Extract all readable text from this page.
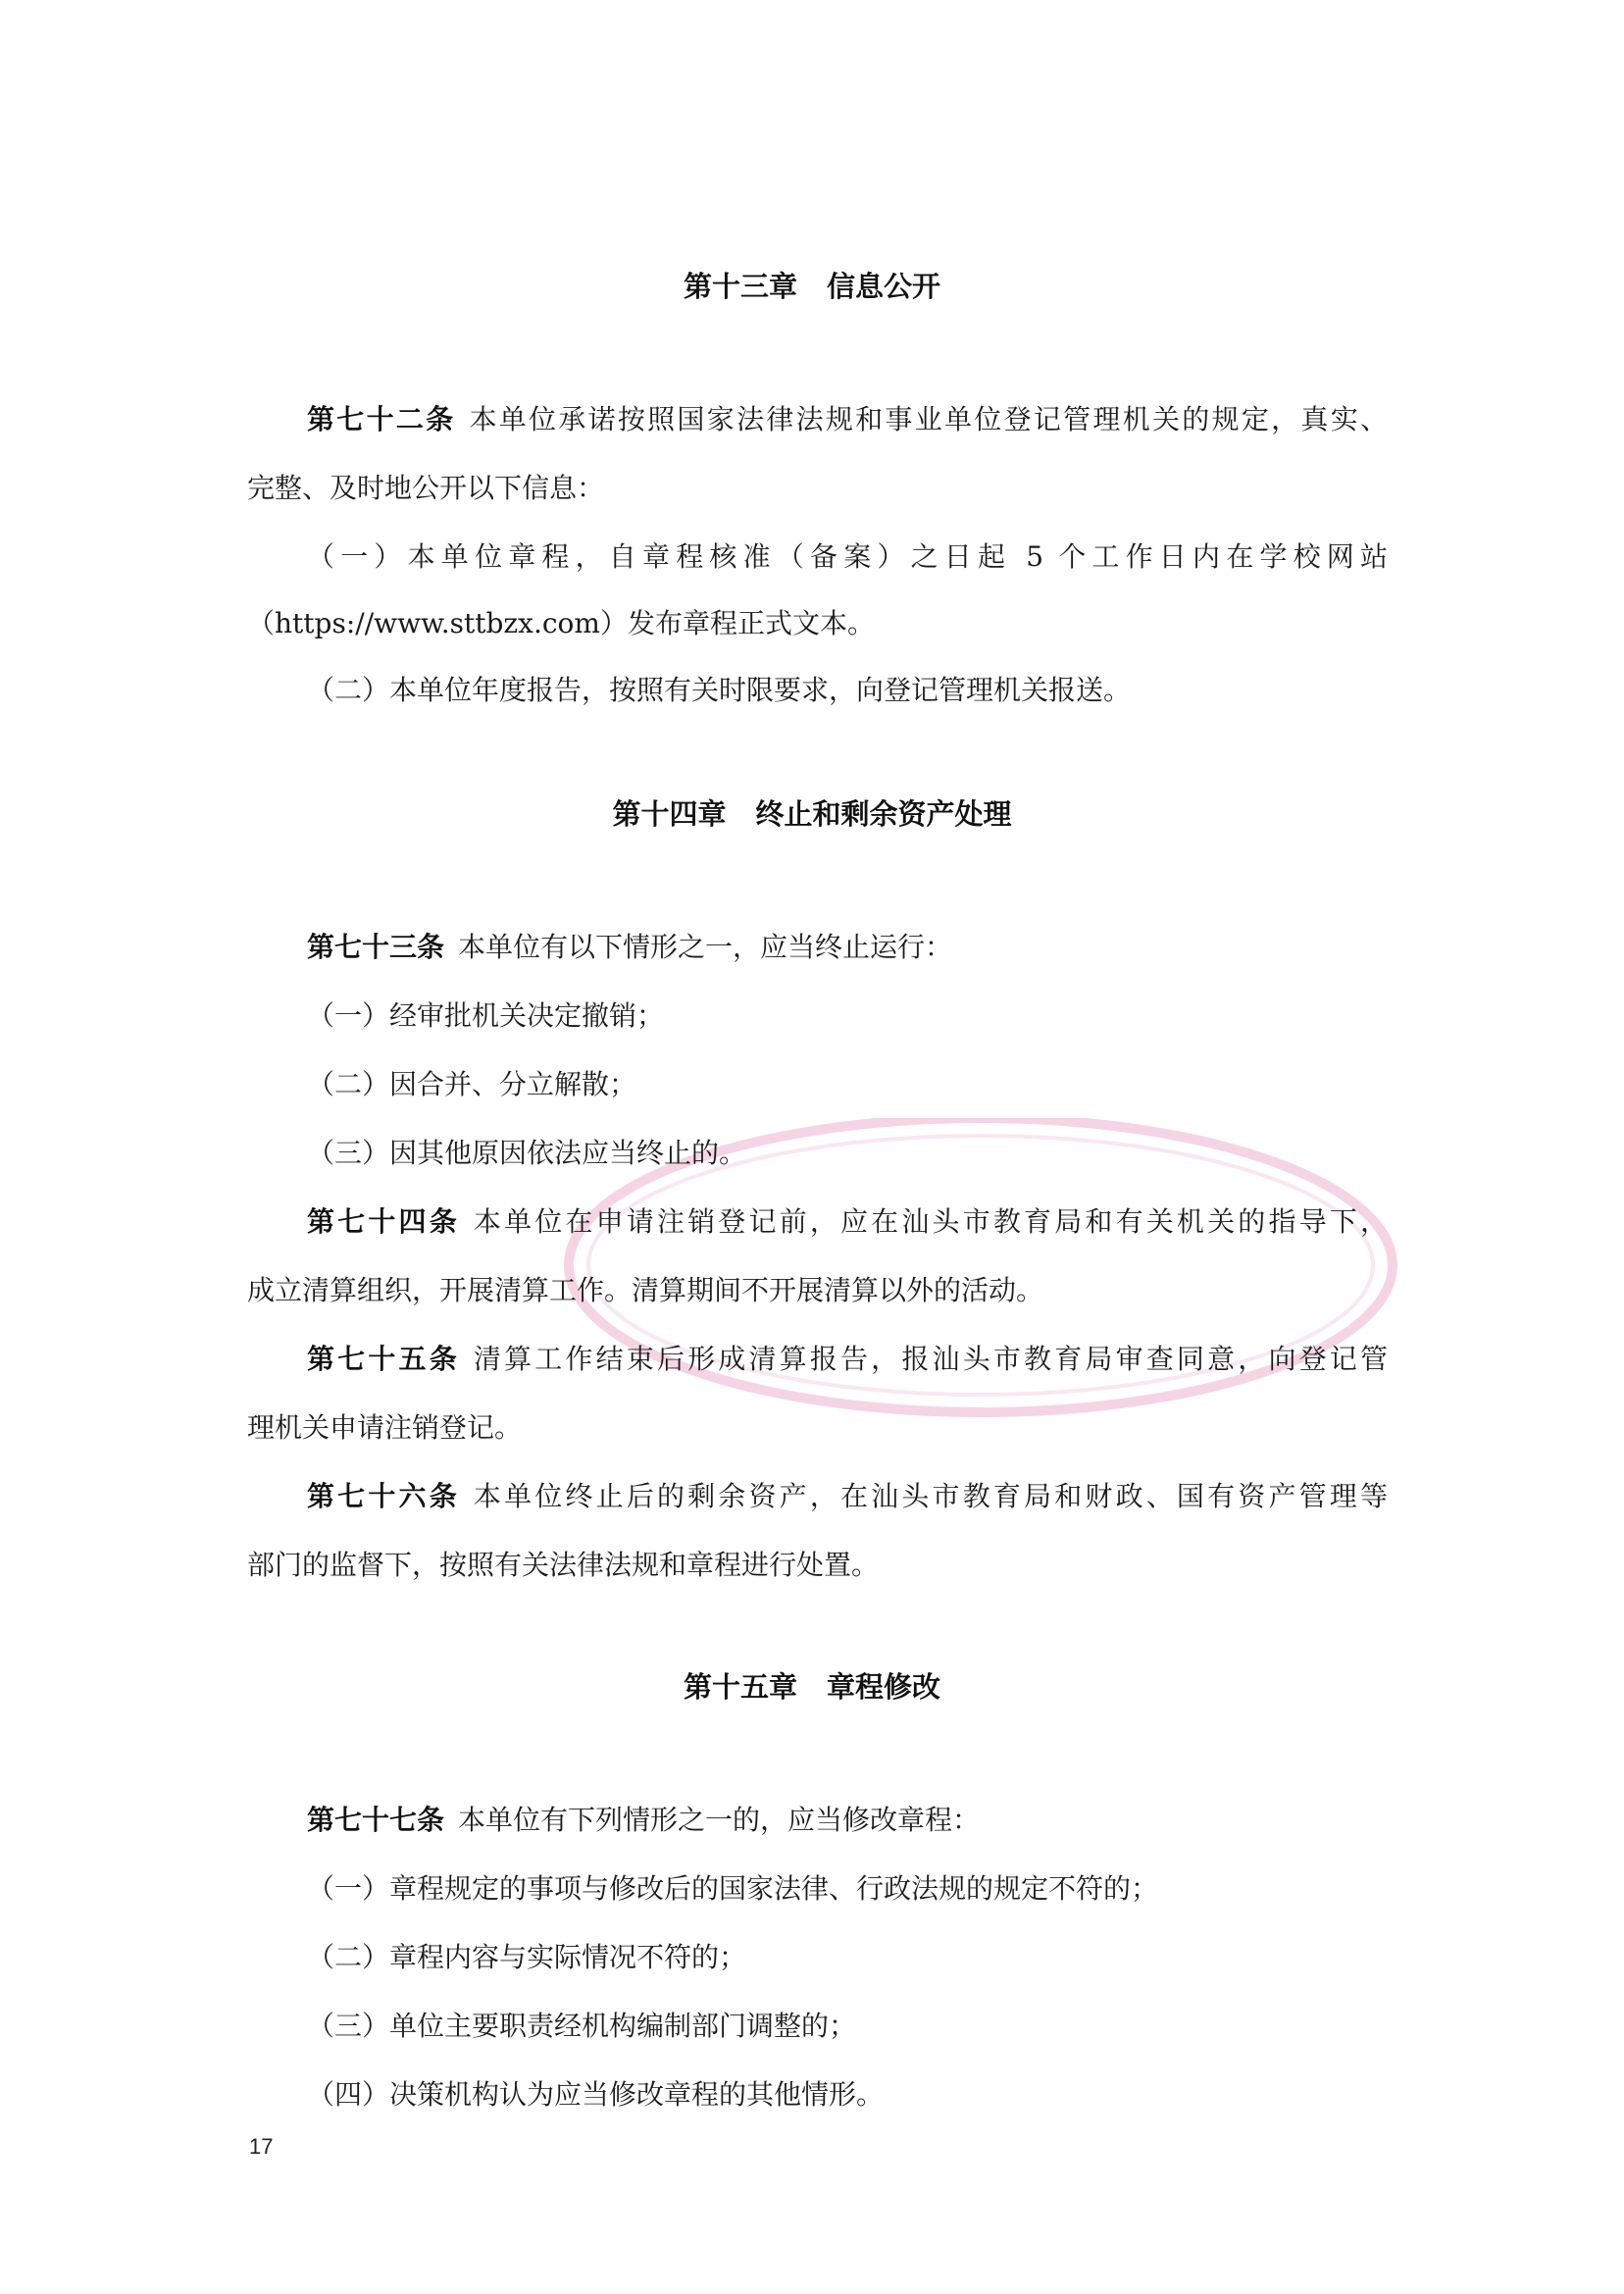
第十三章 信息公开
第七十二条 本单位承诺按照国家法律法规和事业单位登记管理机关的规定，真实、
完整、及时地公开以下信息：
（一）本单位章程，自章程核准（备案）之日起 5 个工作日内在学校网站
（https://www.sttbzx.com）发布章程正式文本。
（二）本单位年度报告，按照有关时限要求，向登记管理机关报送。
第十四章 终止和剩余资产处理
第七十三条 本单位有以下情形之一，应当终止运行：
（一）经审批机关决定撤销；
（二）因合并、分立解散；
（三）因其他原因依法应当终止的。
第七十四条 本单位在申请注销登记前，应在汕头市教育局和有关机关的指导下，
成立清算组织，开展清算工作。清算期间不开展清算以外的活动。
第七十五条 清算工作结束后形成清算报告，报汕头市教育局审查同意，向登记管
理机关申请注销登记。
第七十六条 本单位终止后的剩余资产，在汕头市教育局和财政、国有资产管理等
部门的监督下，按照有关法律法规和章程进行处置。
第十五章 章程修改
第七十七条 本单位有下列情形之一的，应当修改章程：
（一）章程规定的事项与修改后的国家法律、行政法规的规定不符的；
（二）章程内容与实际情况不符的；
（三）单位主要职责经机构编制部门调整的；
（四）决策机构认为应当修改章程的其他情形。
17
